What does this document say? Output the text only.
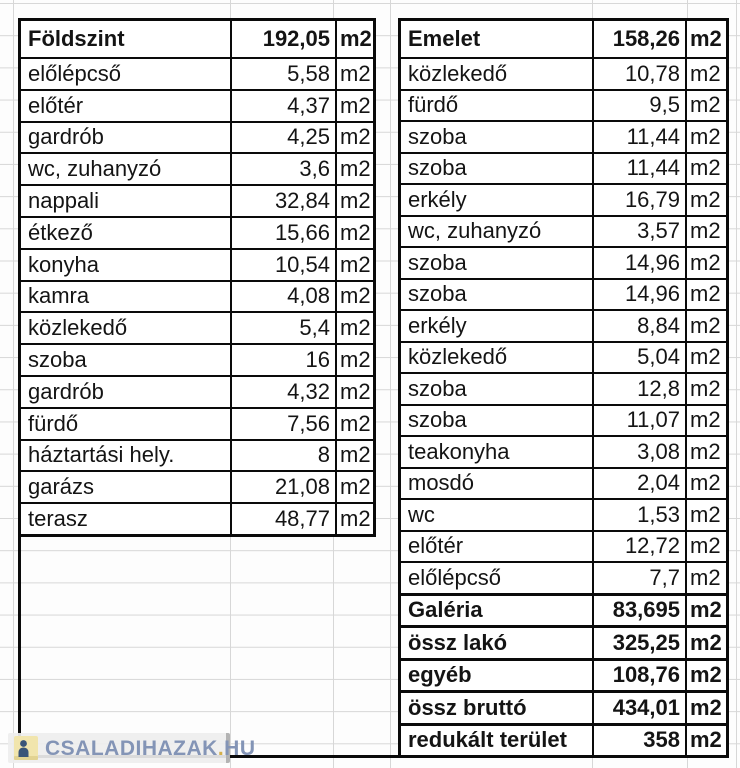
Földszint	192,05 m2
előlépcső	5,58 m2
előtér	4,37 m2
gardrób	4,25 m2
wc, zuhanyzó	3,6 m2
nappali	32,84 m2
étkező	15,66 m2
konyha	10,54 m2
kamra	4,08 m2
közlekedő	5,4 m2
szoba	16 m2
gardrób	4,32 m2
fürdő	7,56 m2
háztartási hely.	8 m2
garázs	21,08 m2
terasz	48,77 m2
Emelet	158,26 m2
közlekedő	10,78 m2
fürdő	9,5 m2
szoba	11,44 m2
szoba	11,44 m2
erkély	16,79 m2
wc, zuhanyzó	3,57 m2
szoba	14,96 m2
szoba	14,96 m2
erkély	8,84 m2
közlekedő	5,04 m2
szoba	12,8 m2
szoba	11,07 m2
teakonyha	3,08 m2
mosdó	2,04 m2
wc	1,53 m2
előtér	12,72 m2
előlépcső	7,7 m2
Galéria	83,695 m2
össz lakó	325,25 m2
egyéb	108,76 m2
össz bruttó	434,01 m2
redukált terület	358 m2
CSALADIHAZAK.HU
